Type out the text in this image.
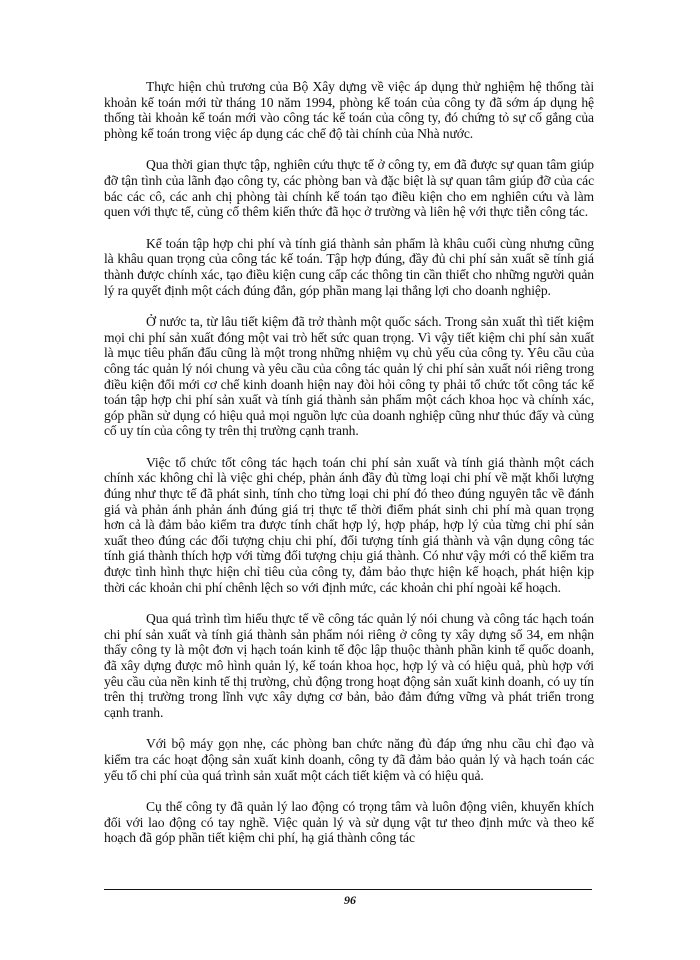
Thực hiện chủ trương của Bộ Xây dựng về việc áp dụng thử nghiệm hệ thống tài khoản kế toán mới từ tháng 10 năm 1994, phòng kế toán của công ty đã sớm áp dụng hệ thống tài khoản kế toán mới vào công tác kế toán của công ty, đó chứng tỏ sự cố gắng của phòng kế toán trong việc áp dụng các chế độ tài chính của Nhà nước.

Qua thời gian thực tập, nghiên cứu thực tế ở công ty, em đã được sự quan tâm giúp đỡ tận tình của lãnh đạo công ty, các phòng ban và đặc biệt là sự quan tâm giúp đỡ của các bác các cô, các anh chị phòng tài chính kế toán tạo điều kiện cho em nghiên cứu và làm quen với thực tế, củng cố thêm kiến thức đã học ở trường và liên hệ với thực tiễn công tác.

Kế toán tập hợp chi phí và tính giá thành sản phẩm là khâu cuối cùng nhưng cũng là khâu quan trọng của công tác kế toán. Tập hợp đúng, đầy đủ chi phí sản xuất sẽ tính giá thành được chính xác, tạo điều kiện cung cấp các thông tin cần thiết cho những người quản lý ra quyết định một cách đúng đắn, góp phần mang lại thắng lợi cho doanh nghiệp.

Ở nước ta, từ lâu tiết kiệm đã trở thành một quốc sách. Trong sản xuất thì tiết kiệm mọi chi phí sản xuất đóng một vai trò hết sức quan trọng. Vì vậy tiết kiệm chi phí sản xuất là mục tiêu phấn đấu cũng là một trong những nhiệm vụ chủ yếu của công ty. Yêu cầu của công tác quản lý nói chung và yêu cầu của công tác quản lý chi phí sản xuất nói riêng trong điều kiện đổi mới cơ chế kinh doanh hiện nay đòi hỏi công ty phải tổ chức tốt công tác kế toán tập hợp chi phí sản xuất và tính giá thành sản phẩm một cách khoa học và chính xác, góp phần sử dụng có hiệu quả mọi nguồn lực của doanh nghiệp cũng như thúc đẩy và củng cố uy tín của công ty trên thị trường cạnh tranh.

Việc tổ chức tốt công tác hạch toán chi phí sản xuất và tính giá thành một cách chính xác không chỉ là việc ghi chép, phản ánh đầy đủ từng loại chi phí về mặt khối lượng đúng như thực tế đã phát sinh, tính cho từng loại chi phí đó theo đúng nguyên tắc về đánh giá và phản ánh phản ánh đúng giá trị thực tế thời điểm phát sinh chi phí mà quan trọng hơn cả là đảm bảo kiểm tra được tính chất hợp lý, hợp pháp, hợp lý của từng chi phí sản xuất theo đúng các đối tượng chịu chi phí, đối tượng tính giá thành và vận dụng công tác tính giá thành thích hợp với từng đối tượng chịu giá thành. Có như vậy mới có thể kiểm tra được tình hình thực hiện chỉ tiêu của công ty, đảm bảo thực hiện kế hoạch, phát hiện kịp thời các khoản chi phí chênh lệch so với định mức, các khoản chi phí ngoài kế hoạch.

Qua quá trình tìm hiểu thực tế về công tác quản lý nói chung và công tác hạch toán chi phí sản xuất và tính giá thành sản phẩm nói riêng ở công ty xây dựng số 34, em nhận thấy công ty là một đơn vị hạch toán kinh tế độc lập thuộc thành phần kinh tế quốc doanh, đã xây dựng được mô hình quản lý, kế toán khoa học, hợp lý và có hiệu quả, phù hợp với yêu cầu của nền kinh tế thị trường, chủ động trong hoạt động sản xuất kinh doanh, có uy tín trên thị trường trong lĩnh vực xây dựng cơ bản, bảo đảm đứng vững và phát triển trong cạnh tranh.

Với bộ máy gọn nhẹ, các phòng ban chức năng đủ đáp ứng nhu cầu chỉ đạo và kiểm tra các hoạt động sản xuất kinh doanh, công ty đã đảm bảo quản lý và hạch toán các yếu tố chi phí của quá trình sản xuất một cách tiết kiệm và có hiệu quả.

Cụ thể công ty đã quản lý lao động có trọng tâm và luôn động viên, khuyến khích đối với lao động có tay nghề. Việc quản lý và sử dụng vật tư theo định mức và theo kế hoạch đã góp phần tiết kiệm chi phí, hạ giá thành công tác

96
